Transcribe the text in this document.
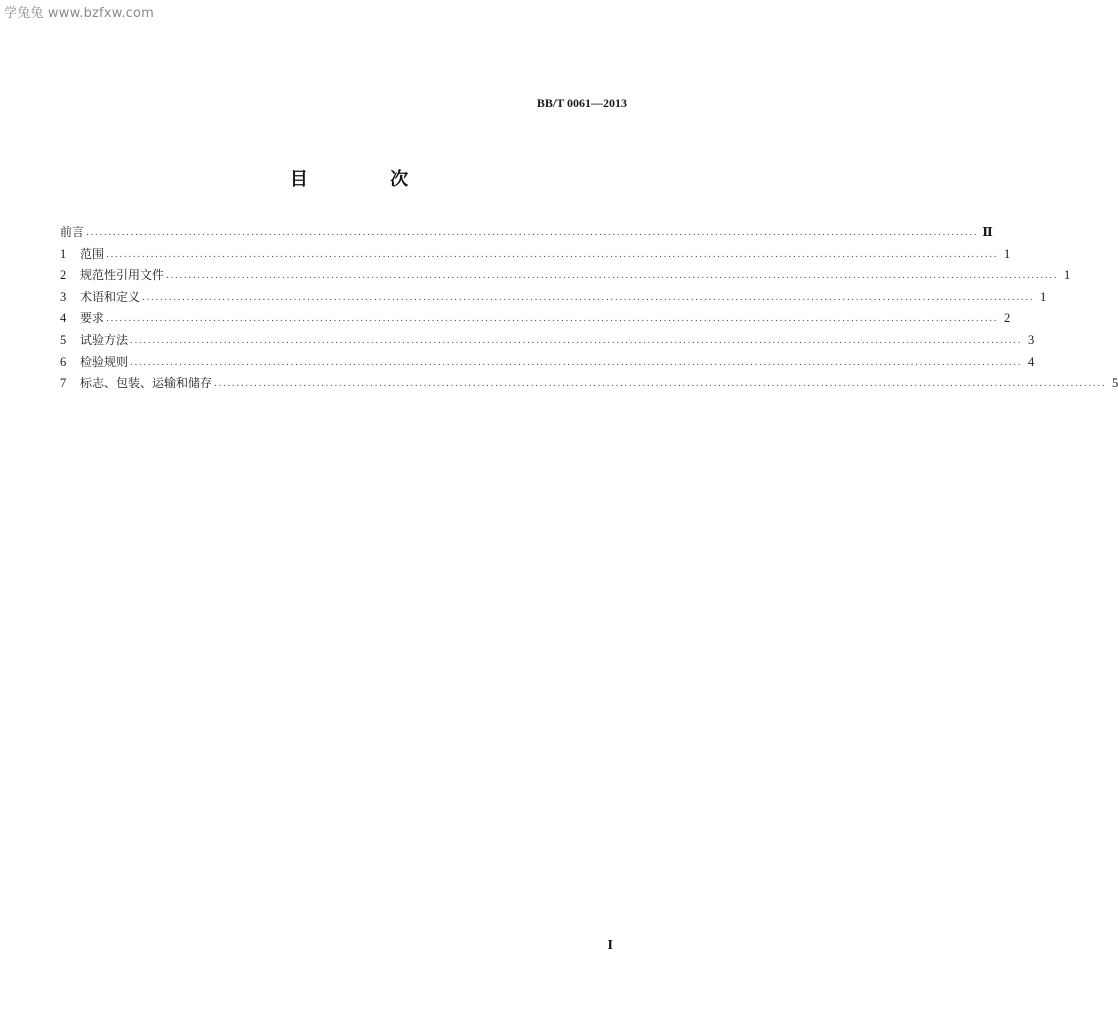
学兔兔 www.bzfxw.com
BB/T 0061—2013
目 次
前言 ........................................................................................................................................................................................................ Ⅱ
1	范围 ........................................................................................................................................................................................................ 1
2	规范性引用文件 ........................................................................................................................................................................................................ 1
3	术语和定义 ........................................................................................................................................................................................................ 1
4	要求 ........................................................................................................................................................................................................ 2
5	试验方法 ........................................................................................................................................................................................................ 3
6	检验规则 ........................................................................................................................................................................................................ 4
7	标志、包装、运输和储存 ........................................................................................................................................................................................................ 5
I
